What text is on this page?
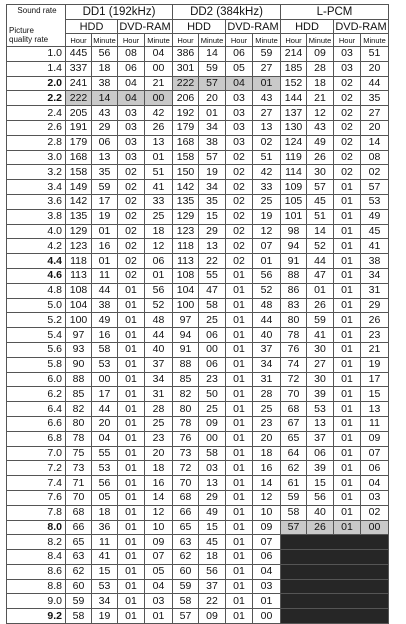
Sound rate
Picture quality rate	DD1 (192kHz)				DD2 (384kHz)				L-PCM			
	HDD		DVD-RAM		HDD		DVD-RAM		HDD		DVD-RAM	
	Hour	Minute	Hour	Minute	Hour	Minute	Hour	Minute	Hour	Minute	Hour	Minute
1.0	445	56	08	04	386	14	06	59	214	09	03	51
1.4	337	18	06	00	301	59	05	27	185	28	03	20
2.0	241	38	04	21	222	57	04	01	152	18	02	44
2.2	222	14	04	00	206	20	03	43	144	21	02	35
2.4	205	43	03	42	192	01	03	27	137	12	02	27
2.6	191	29	03	26	179	34	03	13	130	43	02	20
2.8	179	06	03	13	168	38	03	02	124	49	02	14
3.0	168	13	03	01	158	57	02	51	119	26	02	08
3.2	158	35	02	51	150	19	02	42	114	30	02	02
3.4	149	59	02	41	142	34	02	33	109	57	01	57
3.6	142	17	02	33	135	35	02	25	105	45	01	53
3.8	135	19	02	25	129	15	02	19	101	51	01	49
4.0	129	01	02	18	123	29	02	12	98	14	01	45
4.2	123	16	02	12	118	13	02	07	94	52	01	41
4.4	118	01	02	06	113	22	02	01	91	44	01	38
4.6	113	11	02	01	108	55	01	56	88	47	01	34
4.8	108	44	01	56	104	47	01	52	86	01	01	31
5.0	104	38	01	52	100	58	01	48	83	26	01	29
5.2	100	49	01	48	97	25	01	44	80	59	01	26
5.4	97	16	01	44	94	06	01	40	78	41	01	23
5.6	93	58	01	40	91	00	01	37	76	30	01	21
5.8	90	53	01	37	88	06	01	34	74	27	01	19
6.0	88	00	01	34	85	23	01	31	72	30	01	17
6.2	85	17	01	31	82	50	01	28	70	39	01	15
6.4	82	44	01	28	80	25	01	25	68	53	01	13
6.6	80	20	01	25	78	09	01	23	67	13	01	11
6.8	78	04	01	23	76	00	01	20	65	37	01	09
7.0	75	55	01	20	73	58	01	18	64	06	01	07
7.2	73	53	01	18	72	03	01	16	62	39	01	06
7.4	71	56	01	16	70	13	01	14	61	15	01	04
7.6	70	05	01	14	68	29	01	12	59	56	01	03
7.8	68	18	01	12	66	49	01	10	58	40	01	02
8.0	66	36	01	10	65	15	01	09	57	26	01	00
8.2	65	11	01	09	63	45	01	07				
8.4	63	41	01	07	62	18	01	06				
8.6	62	15	01	05	60	56	01	04				
8.8	60	53	01	04	59	37	01	03				
9.0	59	34	01	03	58	22	01	01				
9.2	58	19	01	01	57	09	01	00				
